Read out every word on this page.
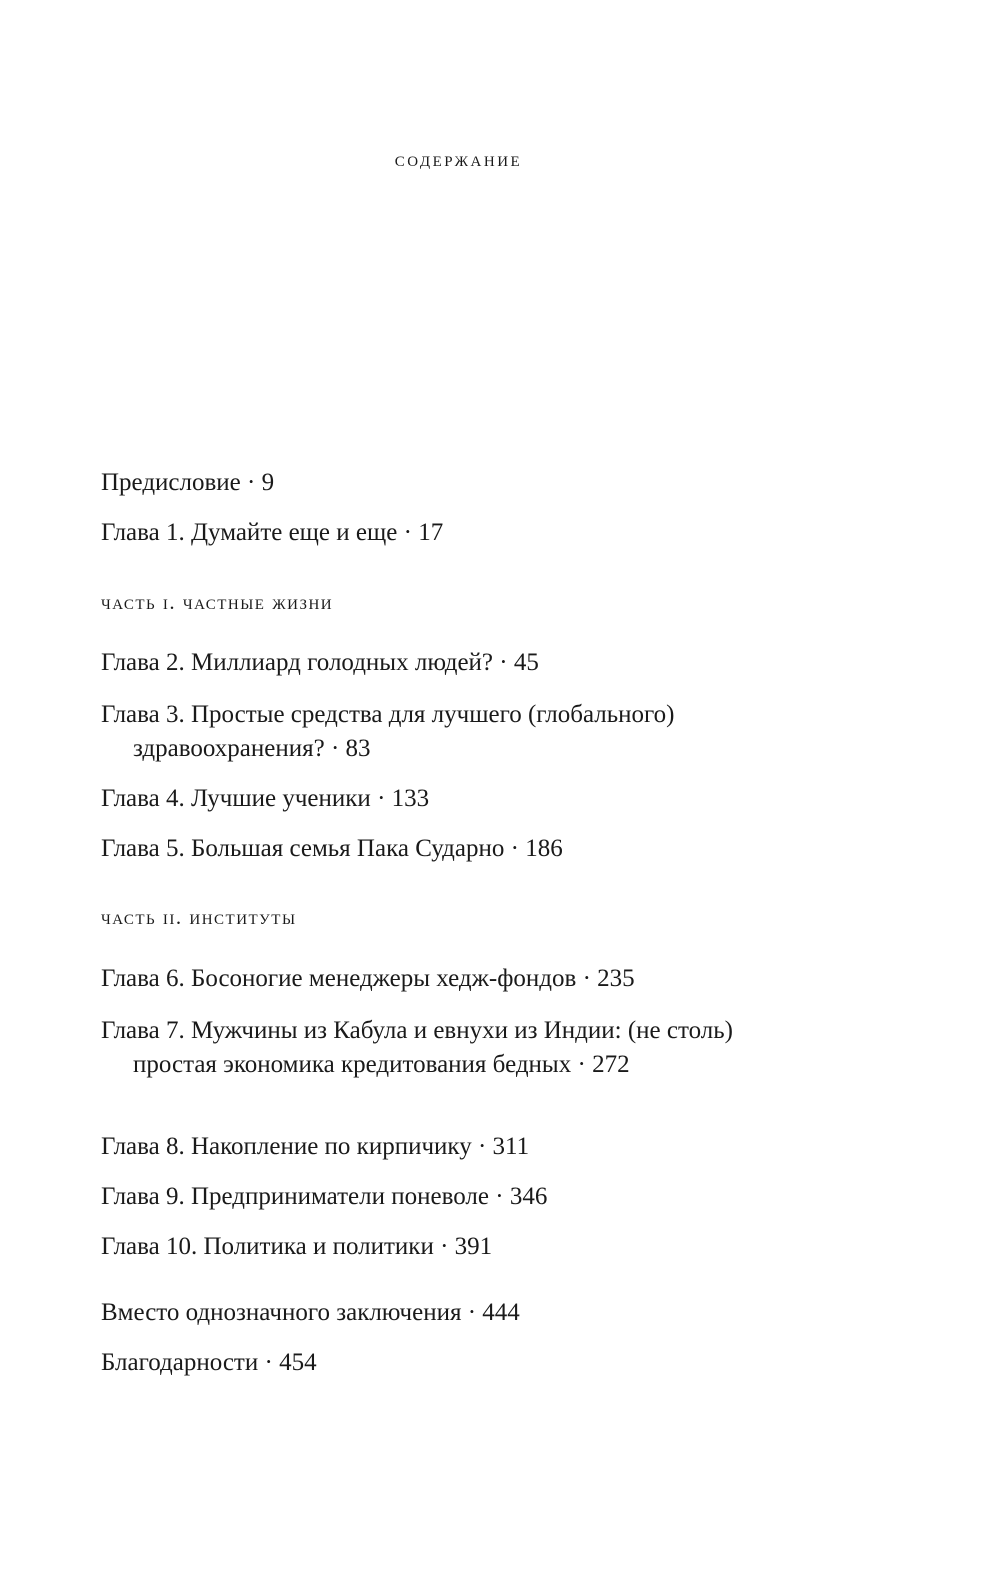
содержание
Предисловие · 9
Глава 1. Думайте еще и еще · 17
часть i. частные жизни
Глава 2. Миллиард голодных людей? · 45
Глава 3. Простые средства для лучшего (глобального) здравоохранения? · 83
Глава 4. Лучшие ученики · 133
Глава 5. Большая семья Пака Сударно · 186
часть ii. институты
Глава 6. Босоногие менеджеры хедж-фондов · 235
Глава 7. Мужчины из Кабула и евнухи из Индии: (не столь) простая экономика кредитования бедных · 272
Глава 8. Накопление по кирпичику · 311
Глава 9. Предприниматели поневоле · 346
Глава 10. Политика и политики · 391
Вместо однозначного заключения · 444
Благодарности · 454
